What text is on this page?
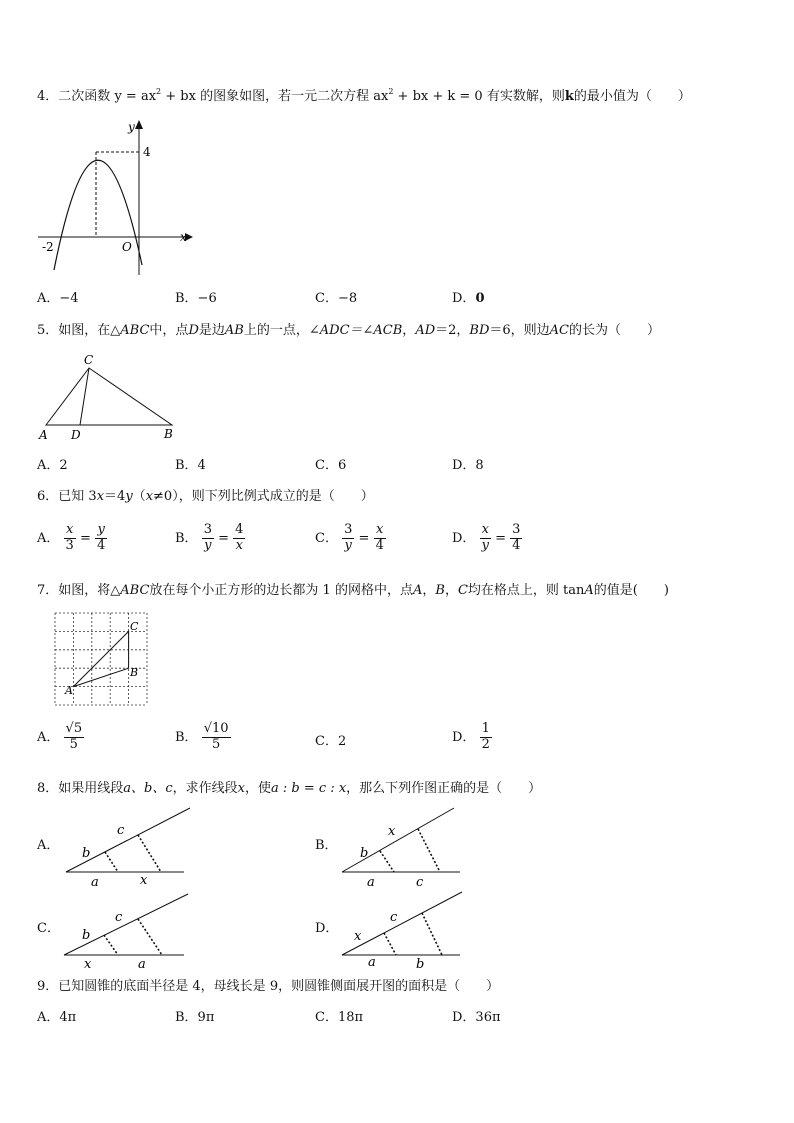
4．二次函数 $y = ax^2$ + bx 的图象如图，若一元二次方程 $ax^2$ + bx + k = 0 有实数解，则k的最小值为（　　）
y
x
O
4
-2
A．−4	B．−6	C．−8	D．0
5．如图，在△ABC中，点D是边AB上的一点，∠ADC＝∠ACB，AD＝2，BD＝6，则边AC的长为（　　）
C
A D	B
A．2	B．4	C．6	D．8
6．已知 3x＝4y（x≠0），则下列比例式成立的是（　　）
A． $\frac{x}{3} = \frac{y}{4}$	B． $\frac{3}{y} = \frac{4}{x}$	C． $\frac{3}{y} = \frac{x}{4}$	D． $\frac{x}{y} = \frac{3}{4}$
7．如图，将△ABC放在每个小正方形的边长都为 1 的网格中，点A，B，C均在格点上，则 tanA的值是(　　)
A
B
C
A． $\frac{√5}{5}$	B． $\frac{√10}{5}$	C．2	D． $\frac{1}{2}$
8．如果用线段a、b、c，求作线段x，使a : b = c : x，那么下列作图正确的是（　　）
A．
b
c
a	x
B．
b
x
a	c
C． b
c
x	a
D．
x
c
a	b
9．已知圆锥的底面半径是 4，母线长是 9，则圆锥侧面展开图的面积是（　　）
A．4π	B．9π	C．18π	D．36π
